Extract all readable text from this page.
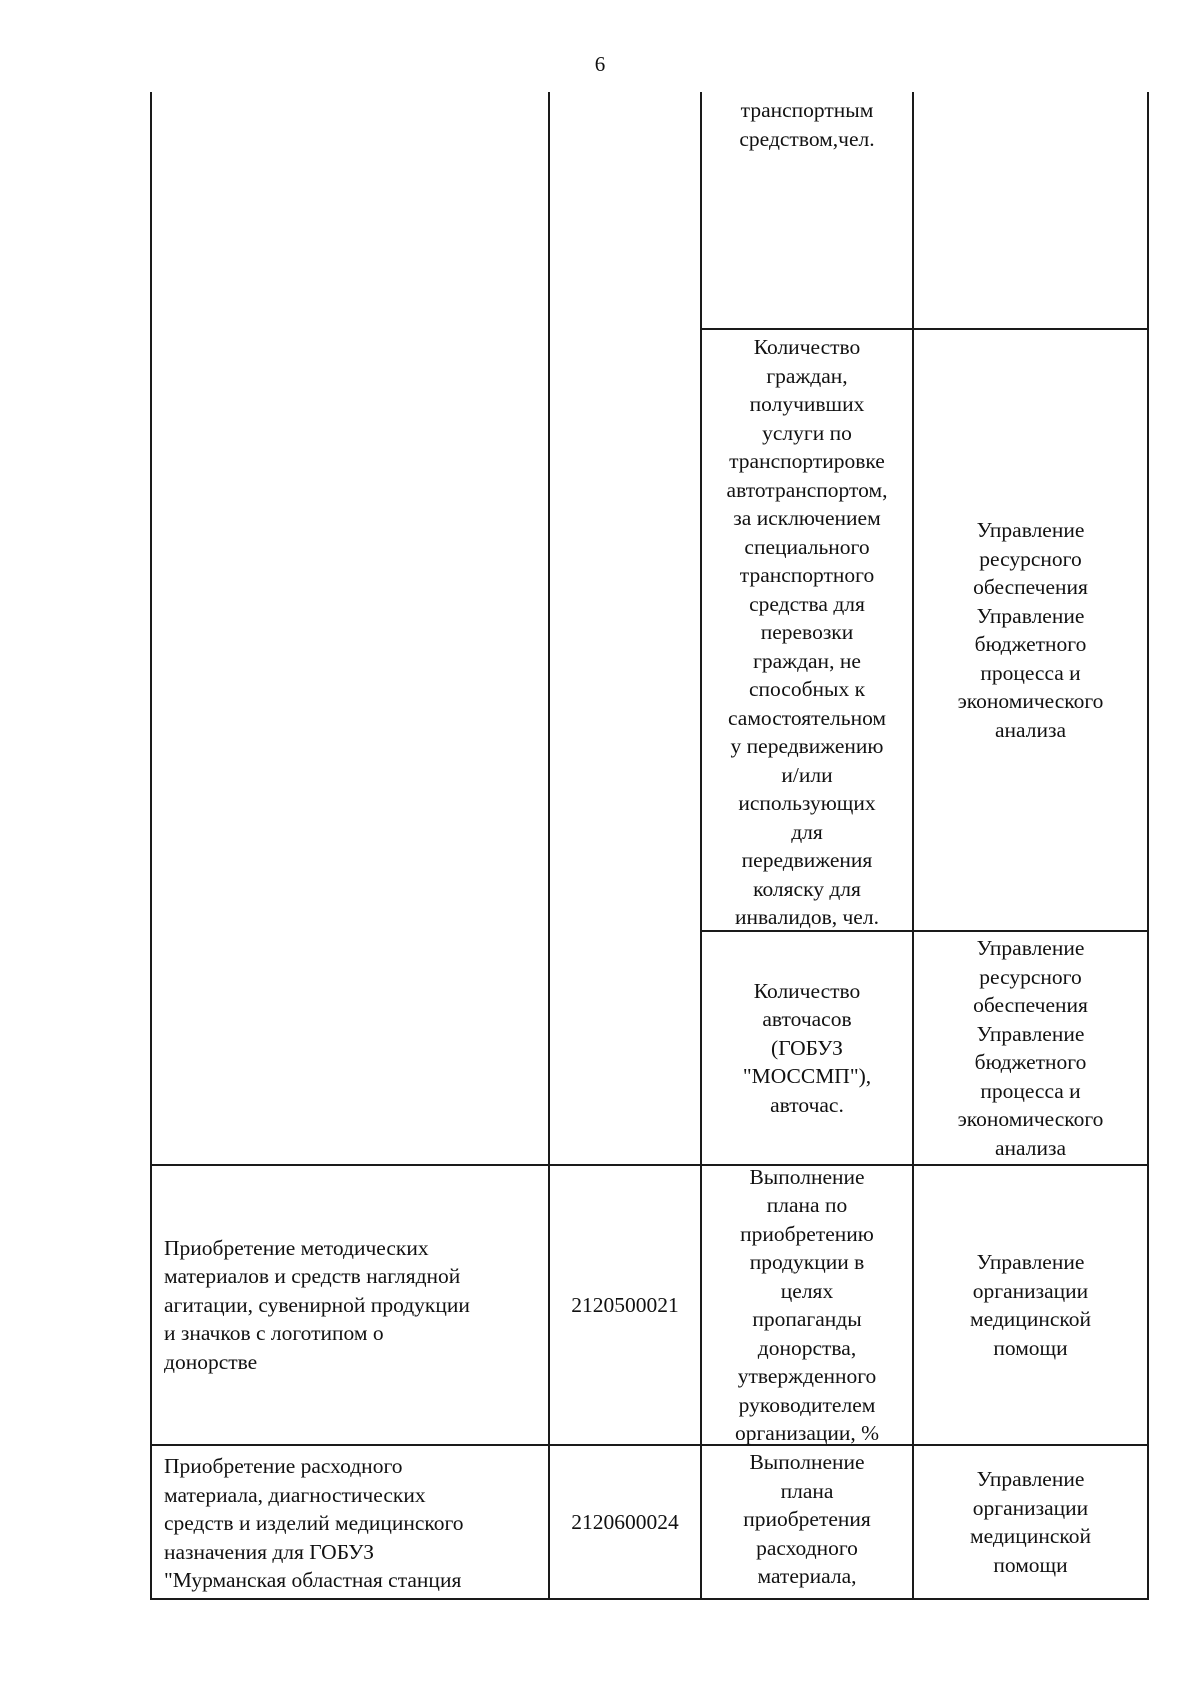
6
транспортным
средством,чел.
Количество
граждан,
получивших
услуги по
транспортировке
автотранспортом,
за исключением
специального
транспортного
средства для
перевозки
граждан, не
способных к
самостоятельном
у передвижению
и/или
использующих
для
передвижения
коляску для
инвалидов, чел.
Управление
ресурсного
обеспечения
Управление
бюджетного
процесса и
экономического
анализа
Количество
авточасов
(ГОБУЗ
"МОССМП"),
авточас.
Управление
ресурсного
обеспечения
Управление
бюджетного
процесса и
экономического
анализа
Приобретение методических
материалов и средств наглядной
агитации, сувенирной продукции
и значков с логотипом о
донорстве
2120500021
Выполнение
плана по
приобретению
продукции в
целях
пропаганды
донорства,
утвержденного
руководителем
организации, %
Управление
организации
медицинской
помощи
Приобретение расходного
материала, диагностических
средств и изделий медицинского
назначения для ГОБУЗ
"Мурманская областная станция
2120600024
Выполнение
плана
приобретения
расходного
материала,
Управление
организации
медицинской
помощи
